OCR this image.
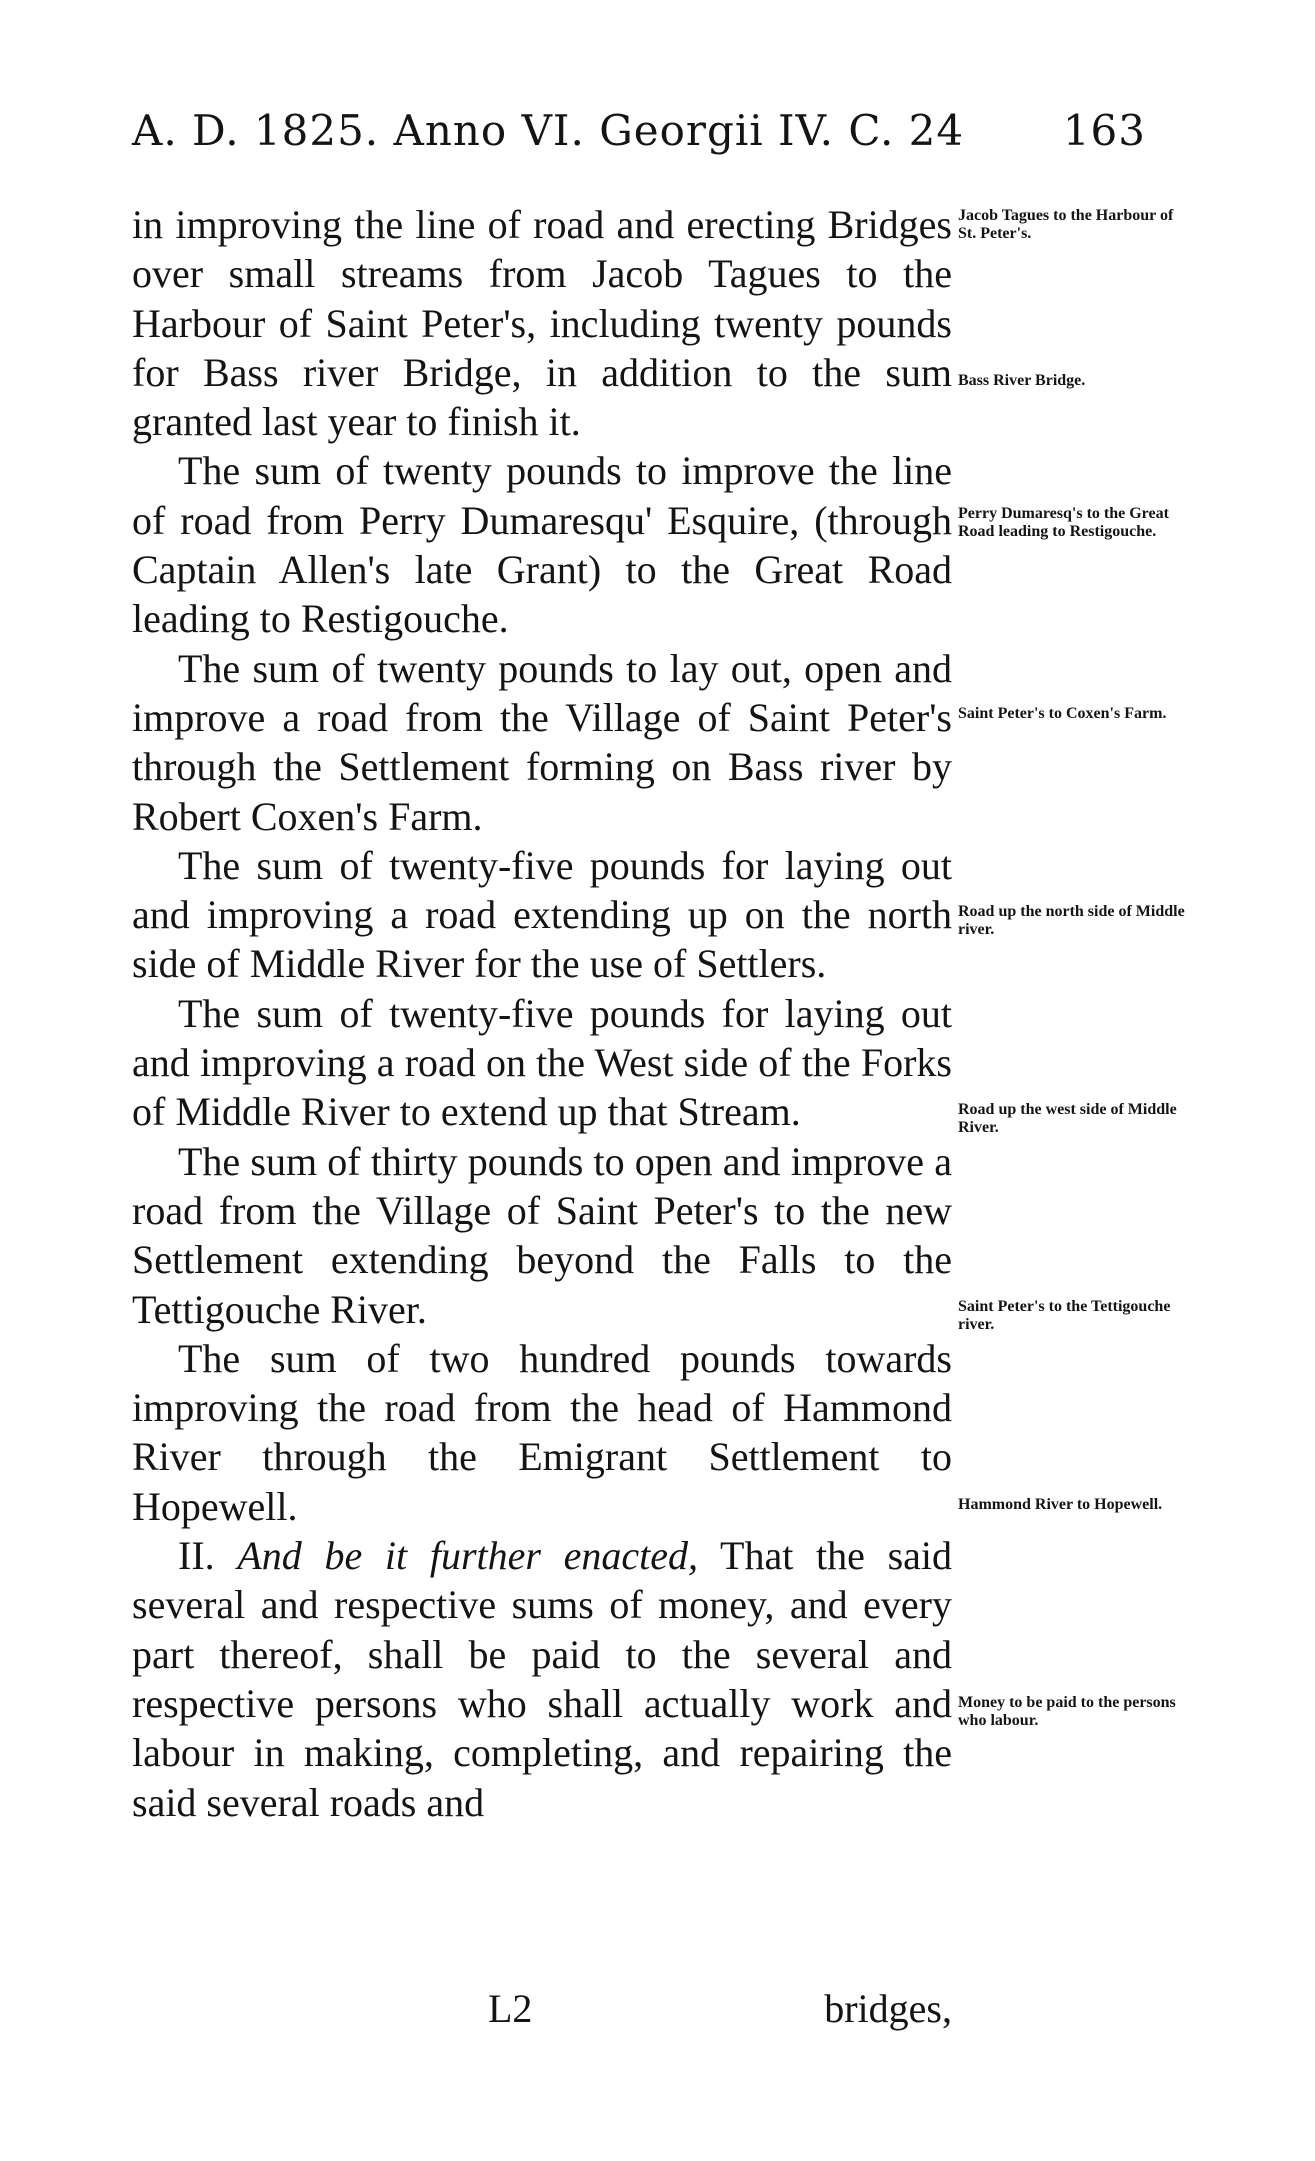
A. D. 1825. Anno VI. Georgii IV. C. 24 163

in improving the line of road and erecting Bridges over small streams from Jacob Tagues to the Harbour of Saint Peter's, including twenty pounds for Bass river Bridge, in addition to the sum granted last year to finish it.

The sum of twenty pounds to improve the line of road from Perry Dumaresqu' Esquire, (through Captain Allen's late Grant) to the Great Road leading to Restigouche.

The sum of twenty pounds to lay out, open and improve a road from the Village of Saint Peter's through the Settlement forming on Bass river by Robert Coxen's Farm.

The sum of twenty-five pounds for laying out and improving a road extending up on the north side of Middle River for the use of Settlers.

The sum of twenty-five pounds for laying out and improving a road on the West side of the Forks of Middle River to extend up that Stream.

The sum of thirty pounds to open and improve a road from the Village of Saint Peter's to the new Settlement extending beyond the Falls to the Tettigouche River.

The sum of two hundred pounds towards improving the road from the head of Hammond River through the Emigrant Settlement to Hopewell.

II. And be it further enacted, That the said several and respective sums of money, and every part thereof, shall be paid to the several and respective persons who shall actually work and labour in making, completing, and repairing the said several roads and

Jacob Tagues to the Harbour of St. Peter's.
Bass River Bridge.
Perry Dumaresq's to the Great Road leading to Restigouche.
Saint Peter's to Coxen's Farm.
Road up the north side of Middle river.
Road up the west side of Middle River.
Saint Peter's to the Tettigouche river.
Hammond River to Hopewell.
Money to be paid to the persons who labour.
L2	bridges,
